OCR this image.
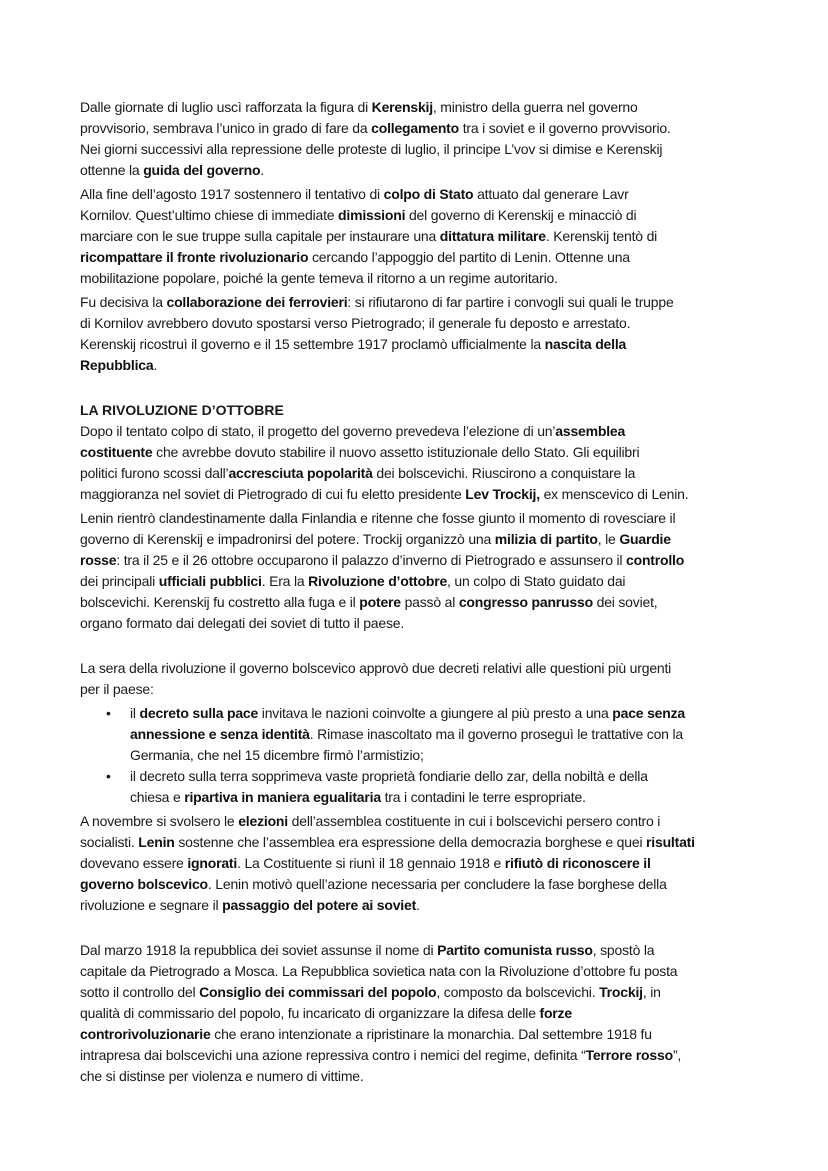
Dalle giornate di luglio uscì rafforzata la figura di Kerenskij, ministro della guerra nel governo
provvisorio, sembrava l’unico in grado di fare da collegamento tra i soviet e il governo provvisorio.
Nei giorni successivi alla repressione delle proteste di luglio, il principe L’vov si dimise e Kerenskij
ottenne la guida del governo.
Alla fine dell’agosto 1917 sostennero il tentativo di colpo di Stato attuato dal generare Lavr
Kornilov. Quest’ultimo chiese di immediate dimissioni del governo di Kerenskij e minacciò di
marciare con le sue truppe sulla capitale per instaurare una dittatura militare. Kerenskij tentò di
ricompattare il fronte rivoluzionario cercando l’appoggio del partito di Lenin. Ottenne una
mobilitazione popolare, poiché la gente temeva il ritorno a un regime autoritario.
Fu decisiva la collaborazione dei ferrovieri: si rifiutarono di far partire i convogli sui quali le truppe
di Kornilov avrebbero dovuto spostarsi verso Pietrogrado; il generale fu deposto e arrestato.
Kerenskij ricostruì il governo e il 15 settembre 1917 proclamò ufficialmente la nascita della
Repubblica.
LA RIVOLUZIONE D’OTTOBRE
Dopo il tentato colpo di stato, il progetto del governo prevedeva l’elezione di un’assemblea
costituente che avrebbe dovuto stabilire il nuovo assetto istituzionale dello Stato. Gli equilibri
politici furono scossi dall’accresciuta popolarità dei bolscevichi. Riuscirono a conquistare la
maggioranza nel soviet di Pietrogrado di cui fu eletto presidente Lev Trockij, ex menscevico di Lenin.
Lenin rientrò clandestinamente dalla Finlandia e ritenne che fosse giunto il momento di rovesciare il
governo di Kerenskij e impadronirsi del potere. Trockij organizzò una milizia di partito, le Guardie
rosse: tra il 25 e il 26 ottobre occuparono il palazzo d’inverno di Pietrogrado e assunsero il controllo
dei principali ufficiali pubblici. Era la Rivoluzione d’ottobre, un colpo di Stato guidato dai
bolscevichi. Kerenskij fu costretto alla fuga e il potere passò al congresso panrusso dei soviet,
organo formato dai delegati dei soviet di tutto il paese.
La sera della rivoluzione il governo bolscevico approvò due decreti relativi alle questioni più urgenti
per il paese:
• il decreto sulla pace invitava le nazioni coinvolte a giungere al più presto a una pace senza
annessione e senza identità. Rimase inascoltato ma il governo proseguì le trattative con la
Germania, che nel 15 dicembre firmò l’armistizio;
• il decreto sulla terra sopprimeva vaste proprietà fondiarie dello zar, della nobiltà e della
chiesa e ripartiva in maniera egualitaria tra i contadini le terre espropriate.
A novembre si svolsero le elezioni dell’assemblea costituente in cui i bolscevichi persero contro i
socialisti. Lenin sostenne che l’assemblea era espressione della democrazia borghese e quei risultati
dovevano essere ignorati. La Costituente si riunì il 18 gennaio 1918 e rifiutò di riconoscere il
governo bolscevico. Lenin motivò quell’azione necessaria per concludere la fase borghese della
rivoluzione e segnare il passaggio del potere ai soviet.
Dal marzo 1918 la repubblica dei soviet assunse il nome di Partito comunista russo, spostò la
capitale da Pietrogrado a Mosca. La Repubblica sovietica nata con la Rivoluzione d’ottobre fu posta
sotto il controllo del Consiglio dei commissari del popolo, composto da bolscevichi. Trockij, in
qualità di commissario del popolo, fu incaricato di organizzare la difesa delle forze
controrivoluzionarie che erano intenzionate a ripristinare la monarchia. Dal settembre 1918 fu
intrapresa dai bolscevichi una azione repressiva contro i nemici del regime, definita “Terrore rosso”,
che si distinse per violenza e numero di vittime.
